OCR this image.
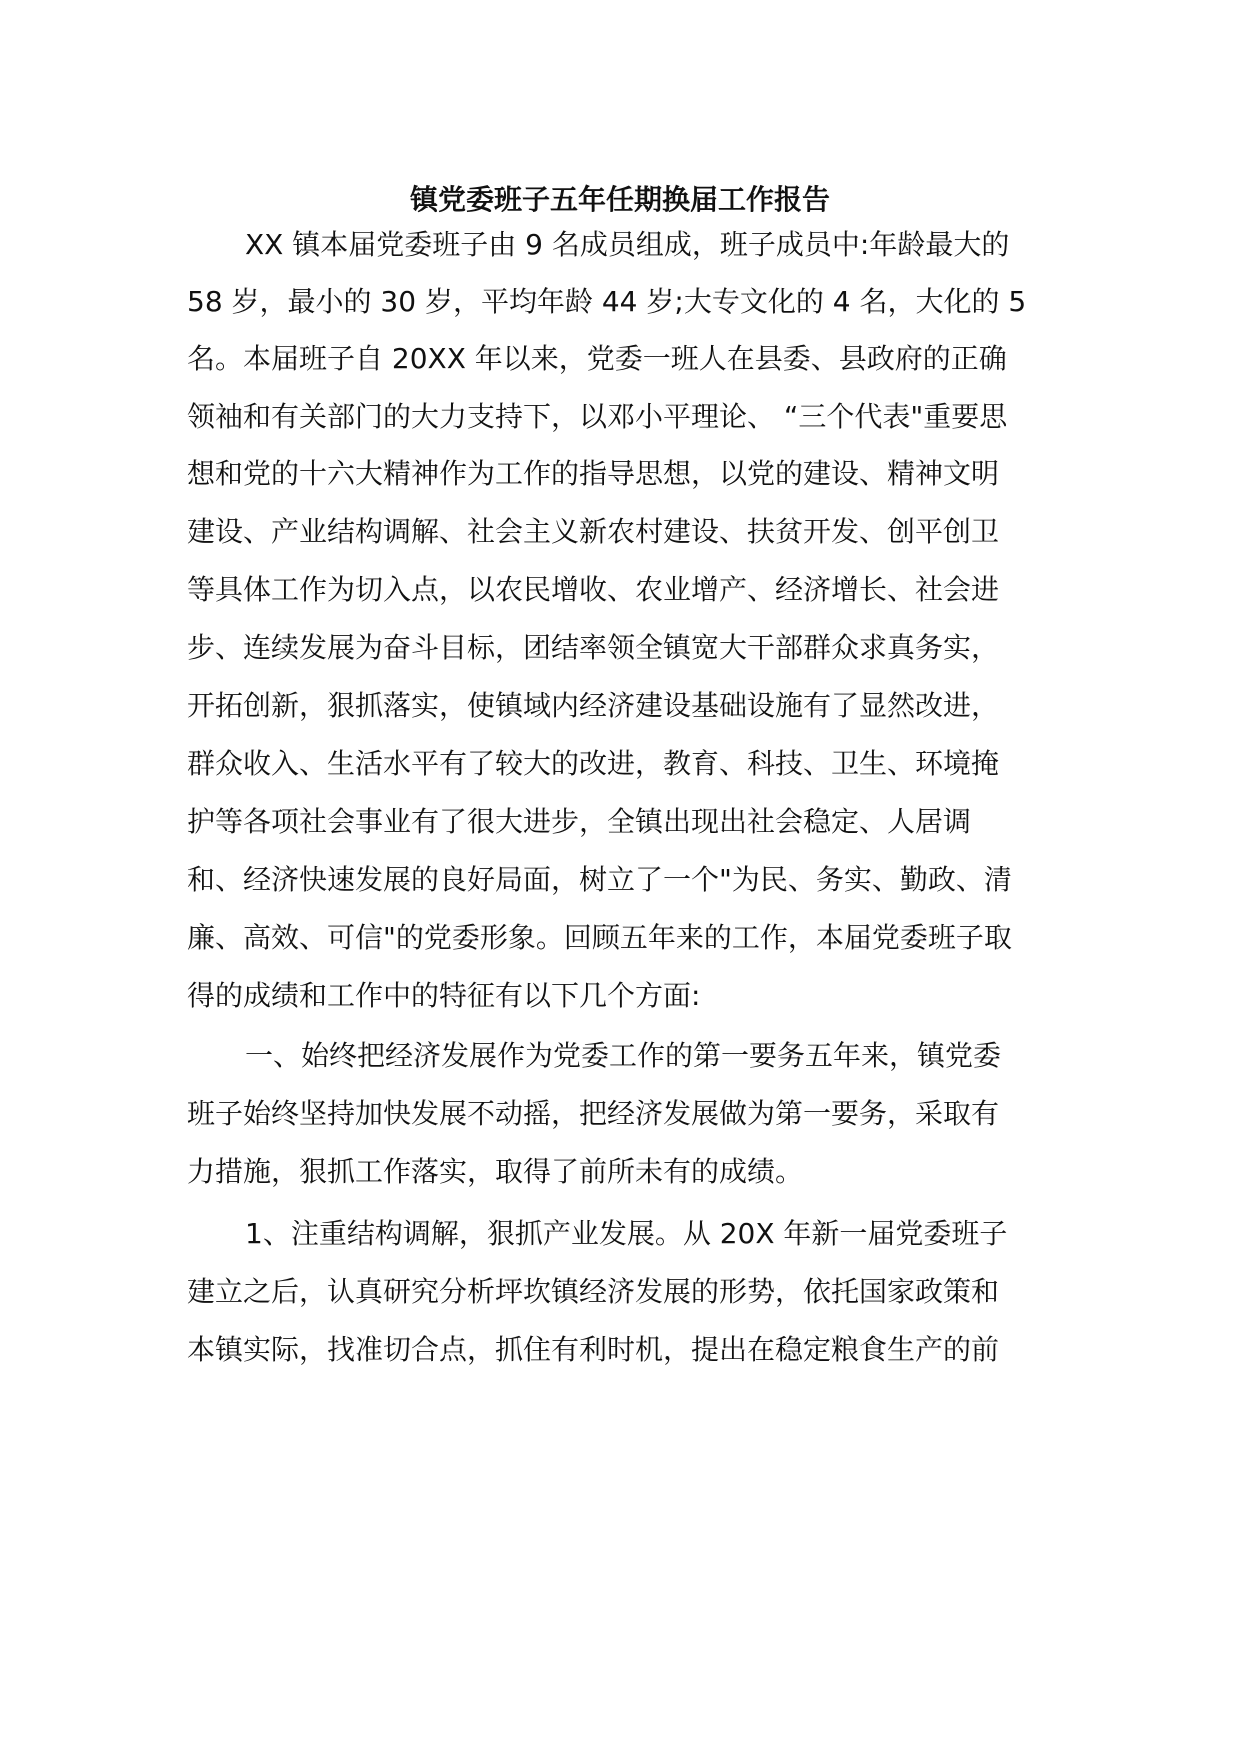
镇党委班子五年任期换届工作报告
XX 镇本届党委班子由 9 名成员组成，班子成员中:年龄最大的
58 岁，最小的 30 岁，平均年龄 44 岁;大专文化的 4 名，大化的 5
名。本届班子自 20XX 年以来，党委一班人在县委、县政府的正确
领袖和有关部门的大力支持下，以邓小平理论、 “三个代表"重要思
想和党的十六大精神作为工作的指导思想，以党的建设、精神文明
建设、产业结构调解、社会主义新农村建设、扶贫开发、创平创卫
等具体工作为切入点，以农民增收、农业增产、经济增长、社会进
步、连续发展为奋斗目标，团结率领全镇宽大干部群众求真务实，
开拓创新，狠抓落实，使镇域内经济建设基础设施有了显然改进，
群众收入、生活水平有了较大的改进，教育、科技、卫生、环境掩
护等各项社会事业有了很大进步，全镇出现出社会稳定、人居调
和、经济快速发展的良好局面，树立了一个"为民、务实、勤政、清
廉、高效、可信"的党委形象。回顾五年来的工作，本届党委班子取
得的成绩和工作中的特征有以下几个方面:
一、始终把经济发展作为党委工作的第一要务五年来，镇党委
班子始终坚持加快发展不动摇，把经济发展做为第一要务，采取有
力措施，狠抓工作落实，取得了前所未有的成绩。
1、注重结构调解，狠抓产业发展。从 20X 年新一届党委班子
建立之后，认真研究分析坪坎镇经济发展的形势，依托国家政策和
本镇实际，找准切合点，抓住有利时机，提出在稳定粮食生产的前
